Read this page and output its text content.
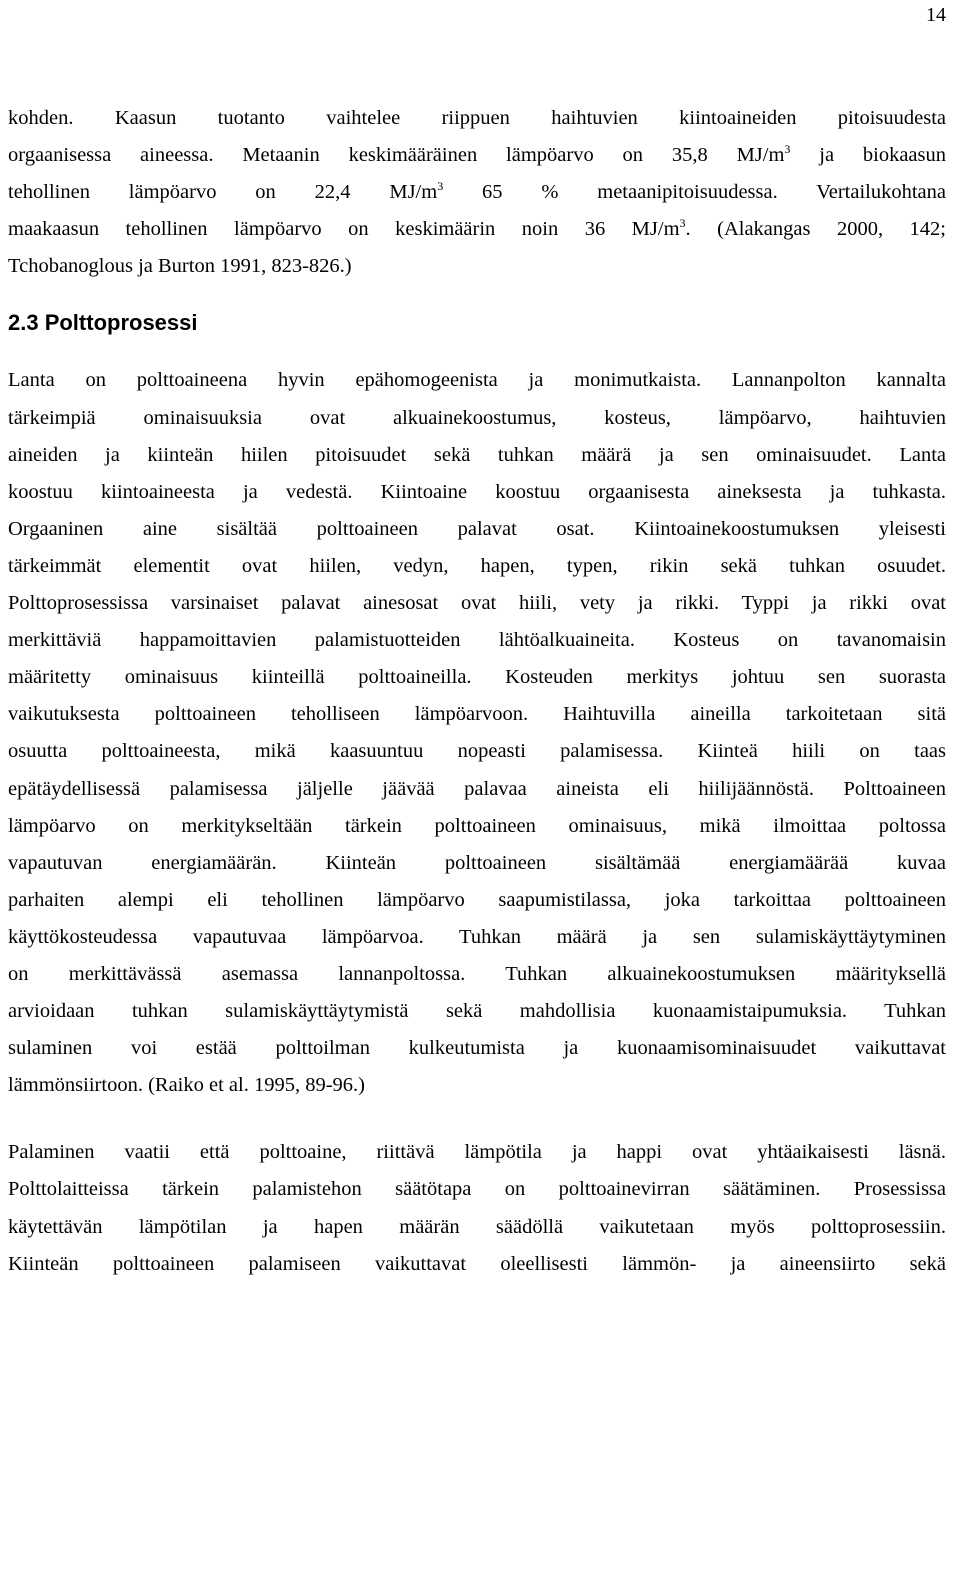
14

kohden. Kaasun tuotanto vaihtelee riippuen haihtuvien kiintoaineiden pitoisuudesta
orgaanisessa aineessa. Metaanin keskimääräinen lämpöarvo on 35,8 $MJ/m^3$ ja biokaasun
tehollinen lämpöarvo on 22,4 $MJ/m^3$ 65 % metaanipitoisuudessa. Vertailukohtana
maakaasun tehollinen lämpöarvo on keskimäärin noin 36 $MJ/m^3$. (Alakangas 2000, 142;
Tchobanoglous ja Burton 1991, 823-826.)

2.3 Polttoprosessi

Lanta on polttoaineena hyvin epähomogeenista ja monimutkaista. Lannanpolton kannalta
tärkeimpiä ominaisuuksia ovat alkuainekoostumus, kosteus, lämpöarvo, haihtuvien
aineiden ja kiinteän hiilen pitoisuudet sekä tuhkan määrä ja sen ominaisuudet. Lanta
koostuu kiintoaineesta ja vedestä. Kiintoaine koostuu orgaanisesta aineksesta ja tuhkasta.
Orgaaninen aine sisältää polttoaineen palavat osat. Kiintoainekoostumuksen yleisesti
tärkeimmät elementit ovat hiilen, vedyn, hapen, typen, rikin sekä tuhkan osuudet.
Polttoprosessissa varsinaiset palavat ainesosat ovat hiili, vety ja rikki. Typpi ja rikki ovat
merkittäviä happamoittavien palamistuotteiden lähtöalkuaineita. Kosteus on tavanomaisin
määritetty ominaisuus kiinteillä polttoaineilla. Kosteuden merkitys johtuu sen suorasta
vaikutuksesta polttoaineen teholliseen lämpöarvoon. Haihtuvilla aineilla tarkoitetaan sitä
osuutta polttoaineesta, mikä kaasuuntuu nopeasti palamisessa. Kiinteä hiili on taas
epätäydellisessä palamisessa jäljelle jäävää palavaa aineista eli hiilijäännöstä. Polttoaineen
lämpöarvo on merkitykseltään tärkein polttoaineen ominaisuus, mikä ilmoittaa poltossa
vapautuvan energiamäärän. Kiinteän polttoaineen sisältämää energiamäärää kuvaa
parhaiten alempi eli tehollinen lämpöarvo saapumistilassa, joka tarkoittaa polttoaineen
käyttökosteudessa vapautuvaa lämpöarvoa. Tuhkan määrä ja sen sulamiskäyttäytyminen
on merkittävässä asemassa lannanpoltossa. Tuhkan alkuainekoostumuksen määrityksellä
arvioidaan tuhkan sulamiskäyttäytymistä sekä mahdollisia kuonaamistaipumuksia. Tuhkan
sulaminen voi estää polttoilman kulkeutumista ja kuonaamisominaisuudet vaikuttavat
lämmönsiirtoon. (Raiko et al. 1995, 89-96.)

Palaminen vaatii että polttoaine, riittävä lämpötila ja happi ovat yhtäaikaisesti läsnä.
Polttolaitteissa tärkein palamistehon säätötapa on polttoainevirran säätäminen. Prosessissa
käytettävän lämpötilan ja hapen määrän säädöllä vaikutetaan myös polttoprosessiin.
Kiinteän polttoaineen palamiseen vaikuttavat oleellisesti lämmön- ja aineensiirto sekä
